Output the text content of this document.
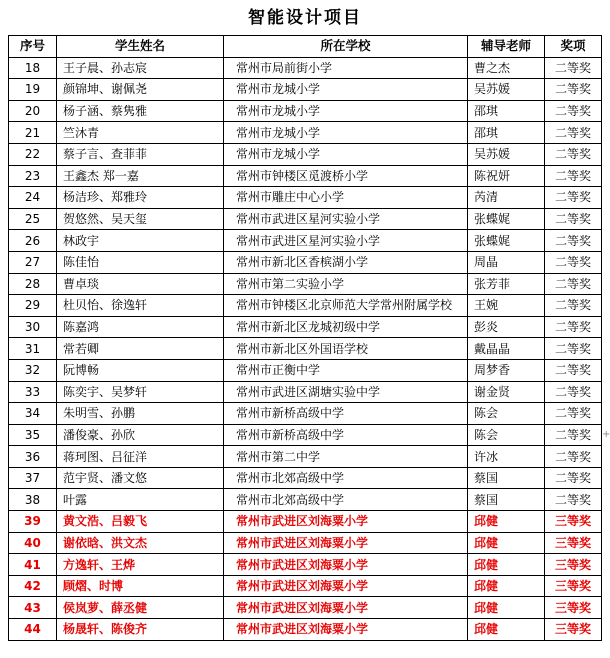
智能设计项目
序号	学生姓名	所在学校	辅导老师	奖项
18	王子晨、孙志宸	常州市局前街小学	曹之杰	二等奖
19	颜锦坤、谢佩尧	常州市龙城小学	吴苏媛	二等奖
20	杨子涵、蔡隽雅	常州市龙城小学	邵琪	二等奖
21	竺沐青	常州市龙城小学	邵琪	二等奖
22	蔡子言、查菲菲	常州市龙城小学	吴苏媛	二等奖
23	王鑫杰 郑一嘉	常州市钟楼区觅渡桥小学	陈祝妍	二等奖
24	杨洁珍、郑雅玲	常州市雕庄中心小学	芮清	二等奖
25	贺悠然、吴天玺	常州市武进区星河实验小学	张蝶娓	二等奖
26	林政宇	常州市武进区星河实验小学	张蝶娓	二等奖
27	陈佳怡	常州市新北区香槟湖小学	周晶	二等奖
28	曹卓琰	常州市第二实验小学	张芳菲	二等奖
29	杜贝怡、徐逸轩	常州市钟楼区北京师范大学常州附属学校	王婉	二等奖
30	陈嘉鸿	常州市新北区龙城初级中学	彭炎	二等奖
31	常若卿	常州市新北区外国语学校	戴晶晶	二等奖
32	阮博畅	常州市正衡中学	周梦香	二等奖
33	陈奕宇、吴梦轩	常州市武进区湖塘实验中学	谢金贤	二等奖
34	朱明雪、孙鹏	常州市新桥高级中学	陈会	二等奖
35	潘俊豪、孙欣	常州市新桥高级中学	陈会	二等奖
36	蒋珂图、吕征洋	常州市第二中学	许冰	二等奖
37	范宇贤、潘文悠	常州市北郊高级中学	蔡国	二等奖
38	叶露	常州市北郊高级中学	蔡国	二等奖
39	黄文浩、吕毅飞	常州市武进区刘海粟小学	邱健	三等奖
40	谢依晗、洪文杰	常州市武进区刘海粟小学	邱健	三等奖
41	方逸轩、王烨	常州市武进区刘海粟小学	邱健	三等奖
42	顾熠、时博	常州市武进区刘海粟小学	邱健	三等奖
43	侯岚萝、薛丞健	常州市武进区刘海粟小学	邱健	三等奖
44	杨晟轩、陈俊齐	常州市武进区刘海粟小学	邱健	三等奖
+
